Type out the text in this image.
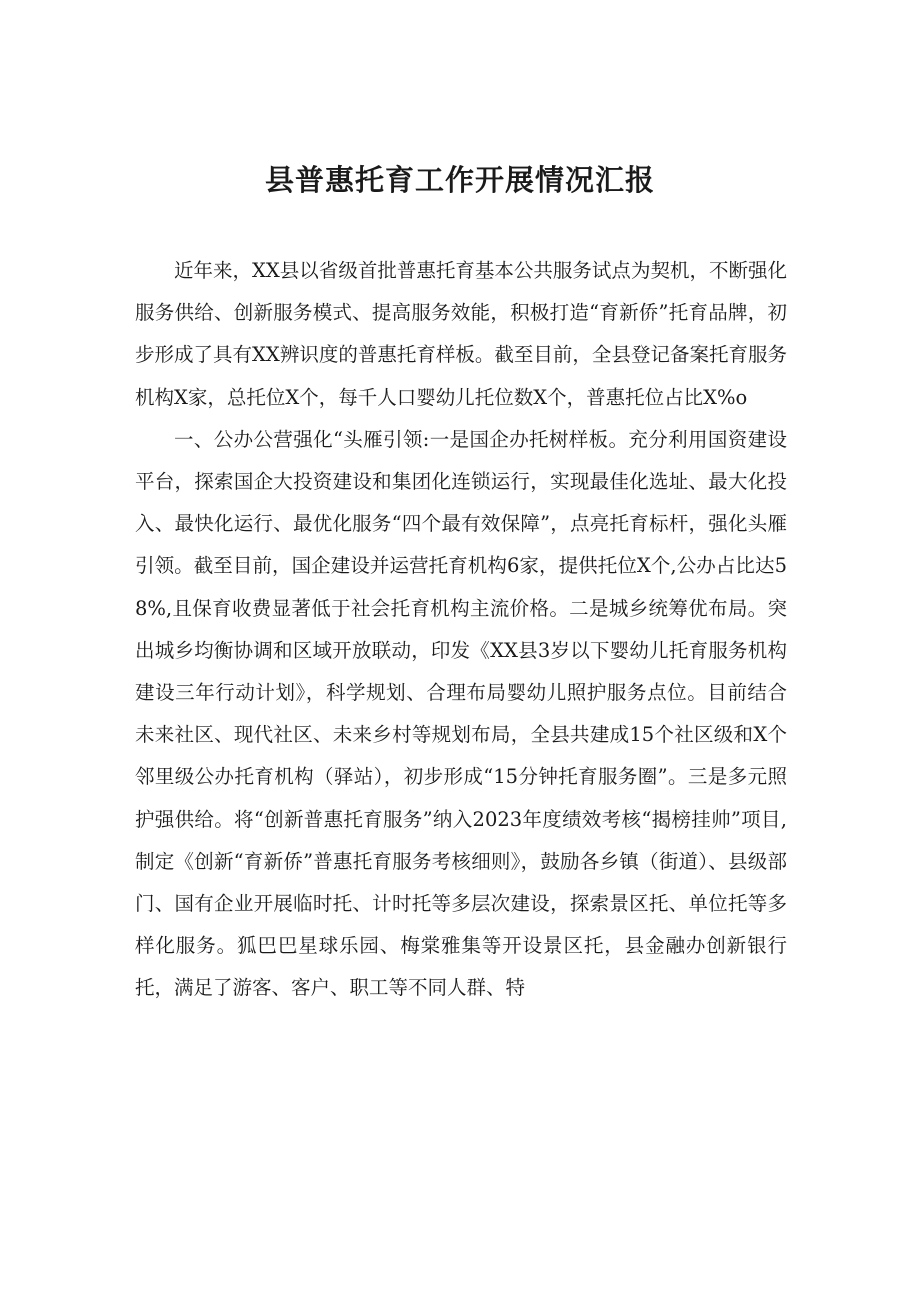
县普惠托育工作开展情况汇报

近年来，XX县以省级首批普惠托育基本公共服务试点为契机，不断强化服务供给、创新服务模式、提高服务效能，积极打造“育新侨”托育品牌，初步形成了具有XX辨识度的普惠托育样板。截至目前，全县登记备案托育服务机构X家，总托位X个，每千人口婴幼儿托位数X个，普惠托位占比X%o

一、公办公营强化“头雁引领:一是国企办托树样板。充分利用国资建设平台，探索国企大投资建设和集团化连锁运行，实现最佳化选址、最大化投入、最快化运行、最优化服务“四个最有效保障”，点亮托育标杆，强化头雁引领。截至目前，国企建设并运营托育机构6家，提供托位X个,公办占比达58%,且保育收费显著低于社会托育机构主流价格。二是城乡统筹优布局。突出城乡均衡协调和区域开放联动，印发《XX县3岁以下婴幼儿托育服务机构建设三年行动计划》，科学规划、合理布局婴幼儿照护服务点位。目前结合未来社区、现代社区、未来乡村等规划布局，全县共建成15个社区级和X个邻里级公办托育机构（驿站），初步形成“15分钟托育服务圈”。三是多元照护强供给。将“创新普惠托育服务”纳入2023年度绩效考核“揭榜挂帅”项目,制定《创新“育新侨”普惠托育服务考核细则》，鼓励各乡镇（街道）、县级部门、国有企业开展临时托、计时托等多层次建设，探索景区托、单位托等多样化服务。狐巴巴星球乐园、梅棠雅集等开设景区托，县金融办创新银行托，满足了游客、客户、职工等不同人群、特
